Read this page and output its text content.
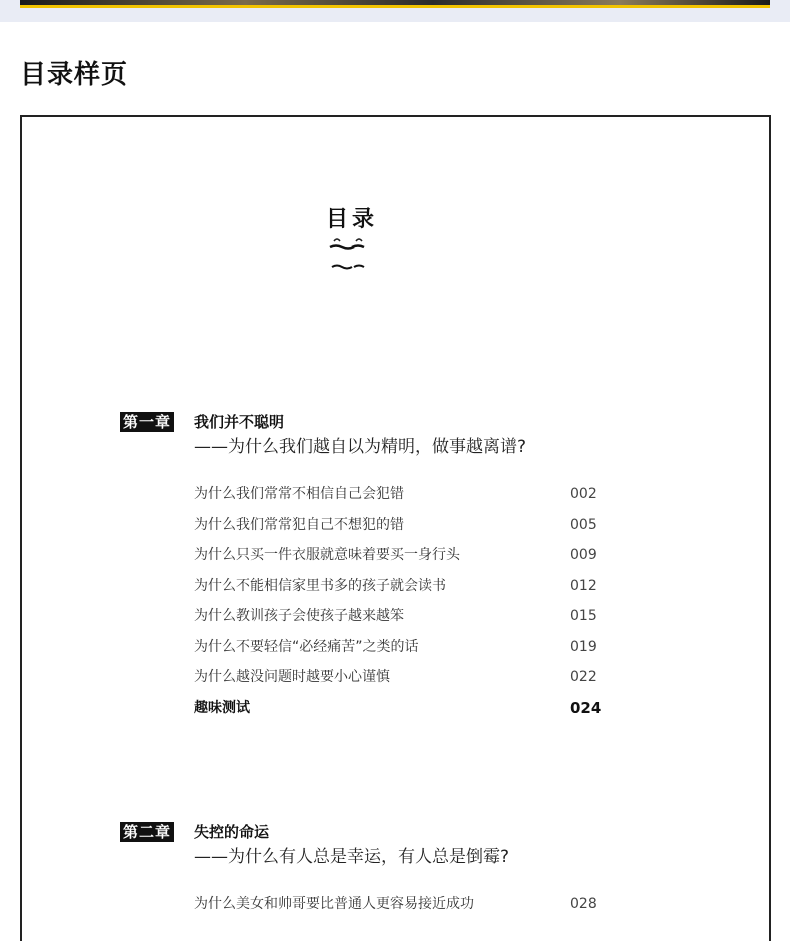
目录样页
目录
第一章 我们并不聪明
——为什么我们越自以为精明，做事越离谱?
为什么我们常常不相信自己会犯错	002
为什么我们常常犯自己不想犯的错	005
为什么只买一件衣服就意味着要买一身行头	009
为什么不能相信家里书多的孩子就会读书	012
为什么教训孩子会使孩子越来越笨	015
为什么不要轻信“必经痛苦”之类的话	019
为什么越没问题时越要小心谨慎	022
趣味测试	024
第二章 失控的命运
——为什么有人总是幸运，有人总是倒霉?
为什么美女和帅哥要比普通人更容易接近成功	028
